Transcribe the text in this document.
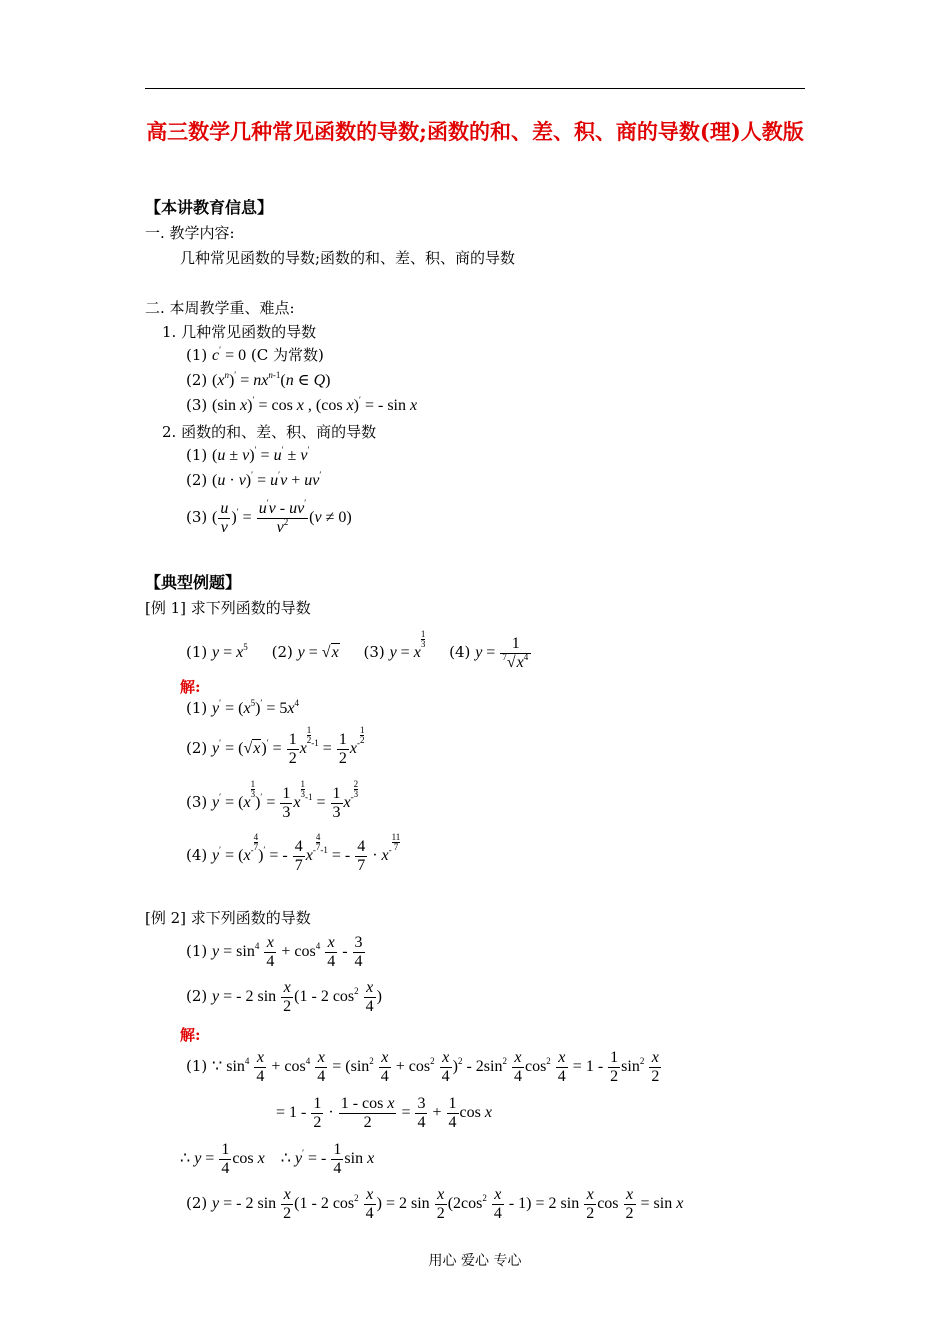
高三数学几种常见函数的导数;函数的和、差、积、商的导数(理)人教版
【本讲教育信息】
一. 教学内容:
几种常见函数的导数;函数的和、差、积、商的导数
二. 本周教学重、难点:
1. 几种常见函数的导数
(1) c′ = 0 (C 为常数)
(2) $(x^n)' = nx^{n-1}(n$ ∈ Q)
(3) (sin x)′ = cos x , (cos x)′ = - sin x
2. 函数的和、差、积、商的导数
(1) (u ± v)′ = u′ ± v′
(2) (u · v)′ = u′v + uv′
(3) ( $\frac{u}{v} )' = \frac{u'v - uv'}{v^2} (v \ne 0)$
【典型例题】
[例 1] 求下列函数的导数
(1) $y = x^5$ (2) y = √x (3) y = x
$\frac{1}{3}$
(4) $y = \frac{1}{^7√x^4}$
解:
(1) $y' = (x^5)' = 5x^4$
(2) $y' = (√x)' = \frac{1}{2}$ x
$\frac{1}{2} ^{-1} = \frac{1}{2} x^- \frac{1}{2}$
(3) y′ = (x
$\frac{1}{3}$
)$' = \frac{1}{3}$ x
$\frac{1}{3} ^{-1} = \frac{1}{3} x^- \frac{2}{3}$
(4) $y' = (x^- \frac{4}{7}$
)′ = - $\frac{4}{7} x^- \frac{4}{7} ^{-1}$ = - $\frac{4}{7} \cdot x^- \frac{11}{7}$
[例 2] 求下列函数的导数
(1) $y = \sin^4 \frac{x}{4} + \cos^4 \frac{x}{4} - \frac{3}{4}$
(2) y = - 2 $\sin \frac{x}{2} (1 - 2$ $\cos^2 \frac{x}{4}$ )
解:
(1) ∵ $\sin^4 \frac{x}{4} + \cos^4 \frac{x}{4} = (\sin^2 \frac{x}{4} + \cos^2 \frac{x}{4} )^2 - 2\sin^2 \frac{x}{4} \cos^2 \frac{x}{4} = 1 - \frac{1}{2} \sin^2 \frac{x}{2}$
= $1 - \frac{1}{2} \cdot \frac{\text{1 - cos x}}{2} = \frac{3}{4} + \frac{1}{4}$ cos x
∴ $y = \frac{1}{4}$ cos x    ∴ y′ = - $\frac{1}{4}$ sin x
(2) y = - 2 $\sin \frac{x}{2} (1 - 2$ $\cos^2 \frac{x}{4}$ ) = 2 $\sin \frac{x}{2} (2\cos^2 \frac{x}{4} - 1) = 2$ $\sin \frac{x}{2}$ $\cos \frac{x}{2} = \sin x$
用心 爱心 专心
